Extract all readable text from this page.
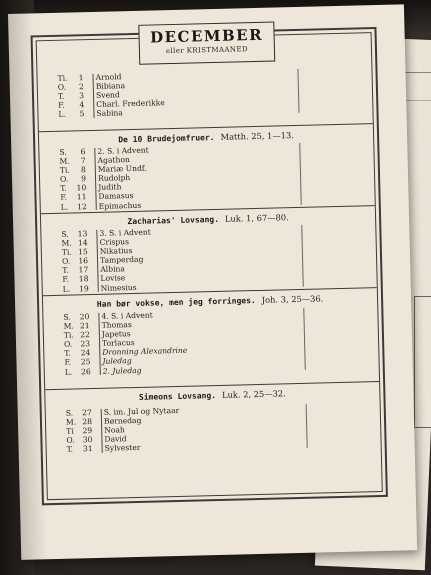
DECEMBER
eller KRISTMAANED
Ti. 1 Arnold
O. 2 Bibiana
T. 3 Svend
F. 4 Charl. Frederikke
L. 5 Sabina
De 10 Brudejomfruer. Matth. 25, 1—13.
S. 6 2. S. i Advent
M. 7 Agathon
Ti. 8 Mariæ Undf.
O. 9 Rudolph
T. 10 Judith
F. 11 Damasus
L. 12 Epimachus
Zacharias' Lovsang. Luk. 1, 67—80.
S. 13 3. S. i Advent
M. 14 Crispus
Ti. 15 Nikatius
O. 16 Tamperdag
T. 17 Albina
F. 18 Lovise
L. 19 Nimesius
Han bør vokse, men jeg forringes. Joh. 3, 25—36.
S. 20 4. S. i Advent
M. 21 Thomas
Ti. 22 Japetus
O. 23 Torlacus
T. 24 Dronning Alexandrine
F. 25 Juledag
L. 26 2. Juledag
Simeons Lovsang. Luk. 2, 25—32.
S. 27 S. im. Jul og Nytaar
M. 28 Børnedag
Ti 29 Noah
O. 30 David
T. 31 Sylvester
